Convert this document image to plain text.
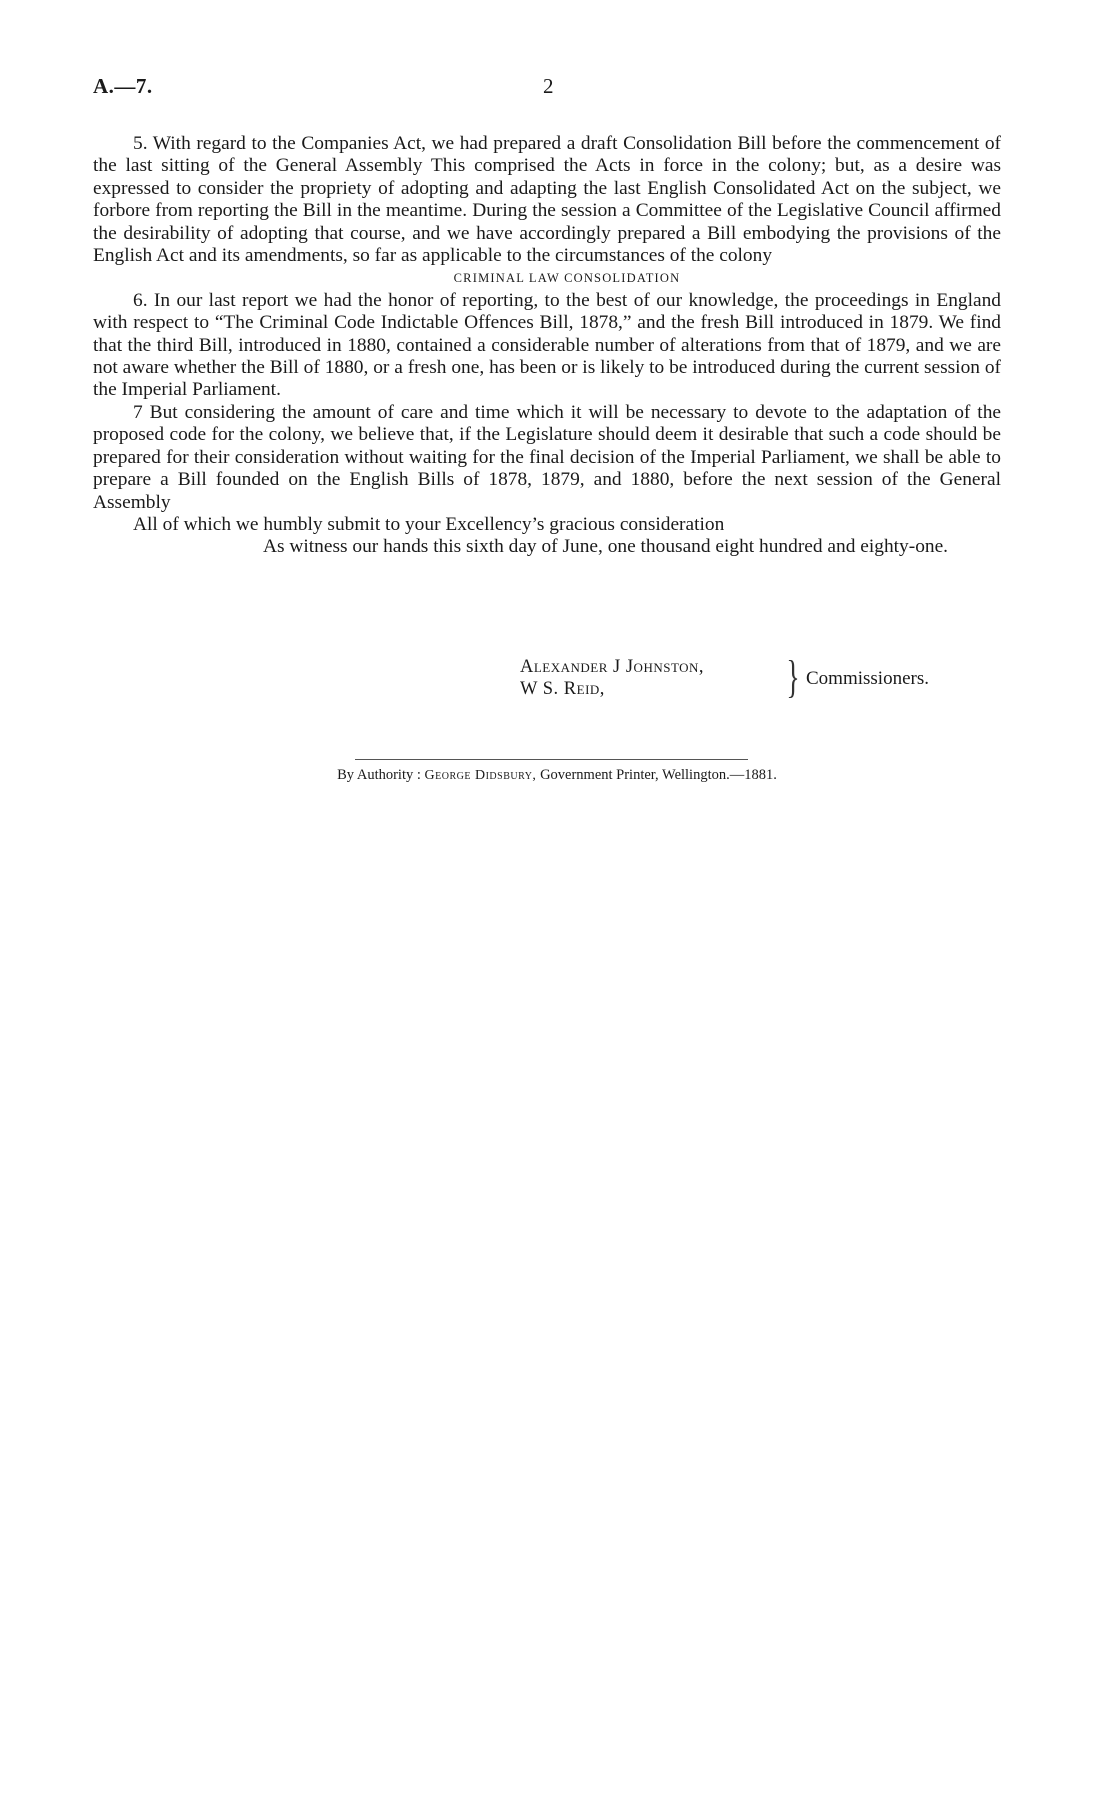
A.—7.	2

5. With regard to the Companies Act, we had prepared a draft Consolidation Bill before the commencement of the last sitting of the General Assembly This comprised the Acts in force in the colony; but, as a desire was expressed to consider the propriety of adopting and adapting the last English Consolidated Act on the subject, we forbore from reporting the Bill in the meantime. During the session a Committee of the Legislative Council affirmed the desirability of adopting that course, and we have accordingly prepared a Bill embodying the provisions of the English Act and its amendments, so far as applicable to the circumstances of the colony

CRIMINAL LAW CONSOLIDATION

6. In our last report we had the honor of reporting, to the best of our knowledge, the proceedings in England with respect to “The Criminal Code Indictable Offences Bill, 1878,” and the fresh Bill introduced in 1879. We find that the third Bill, introduced in 1880, contained a considerable number of alterations from that of 1879, and we are not aware whether the Bill of 1880, or a fresh one, has been or is likely to be introduced during the current session of the Imperial Parliament.

7 But considering the amount of care and time which it will be necessary to devote to the adaptation of the proposed code for the colony, we believe that, if the Legislature should deem it desirable that such a code should be prepared for their consideration without waiting for the final decision of the Imperial Parliament, we shall be able to prepare a Bill founded on the English Bills of 1878, 1879, and 1880, before the next session of the General Assembly

All of which we humbly submit to your Excellency’s gracious consideration

As witness our hands this sixth day of June, one thousand eight hundred and eighty-one.

Alexander J Johnston,
W S. Reid,	} Commissioners.
By Authority : George Didsbury, Government Printer, Wellington.—1881.
